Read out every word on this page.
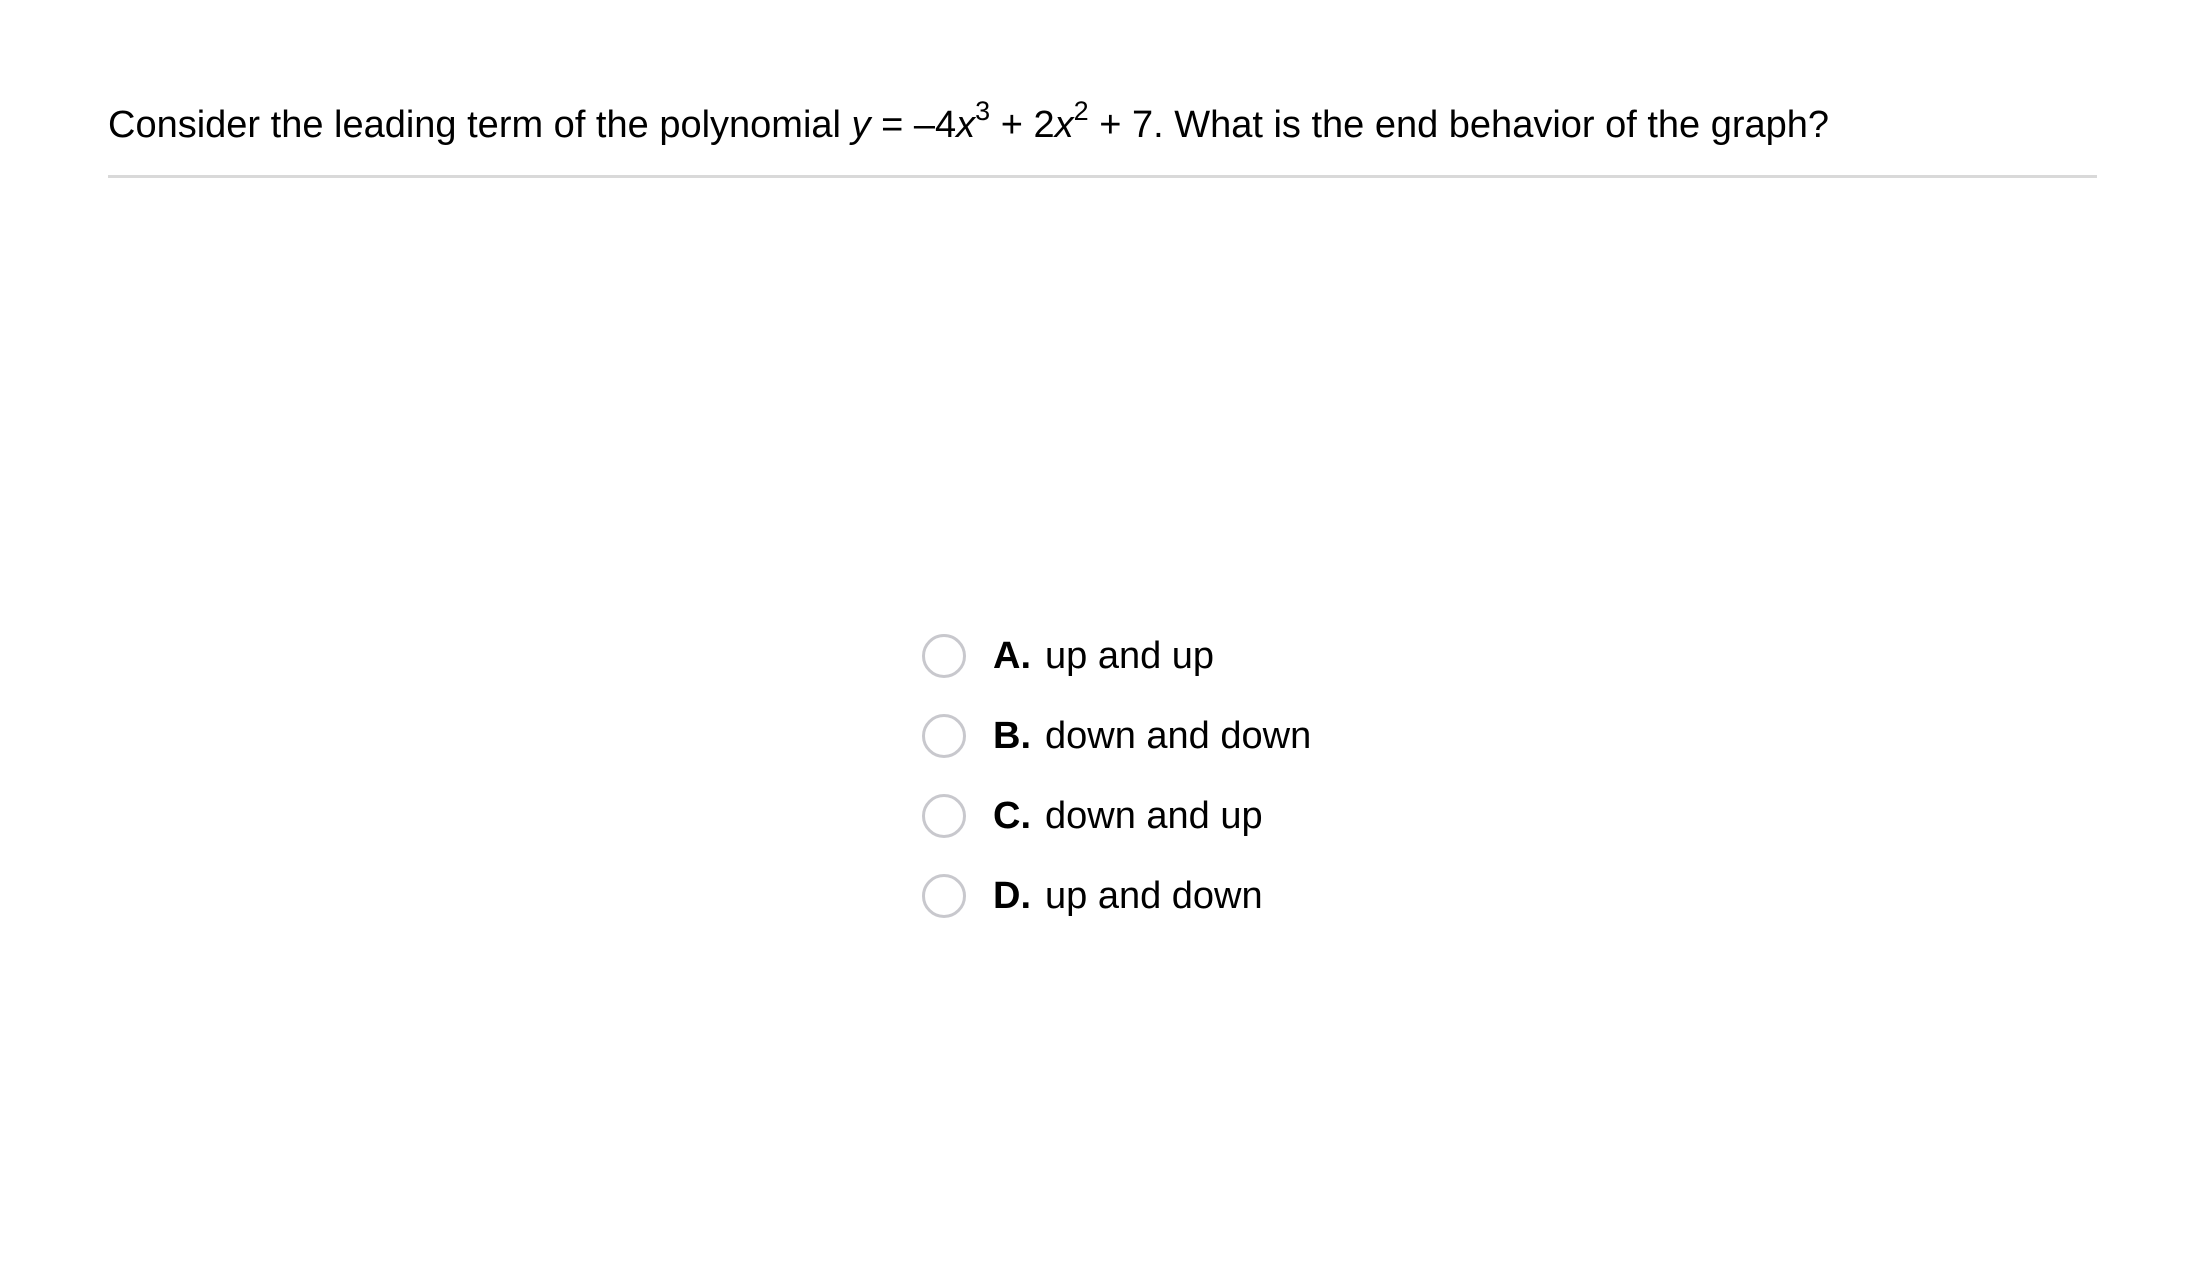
Consider the leading term of the polynomial $y = -4x^3 + 2x^2 + 7$. What is the end behavior of the graph?
A. up and up
B. down and down
C. down and up
D. up and down
